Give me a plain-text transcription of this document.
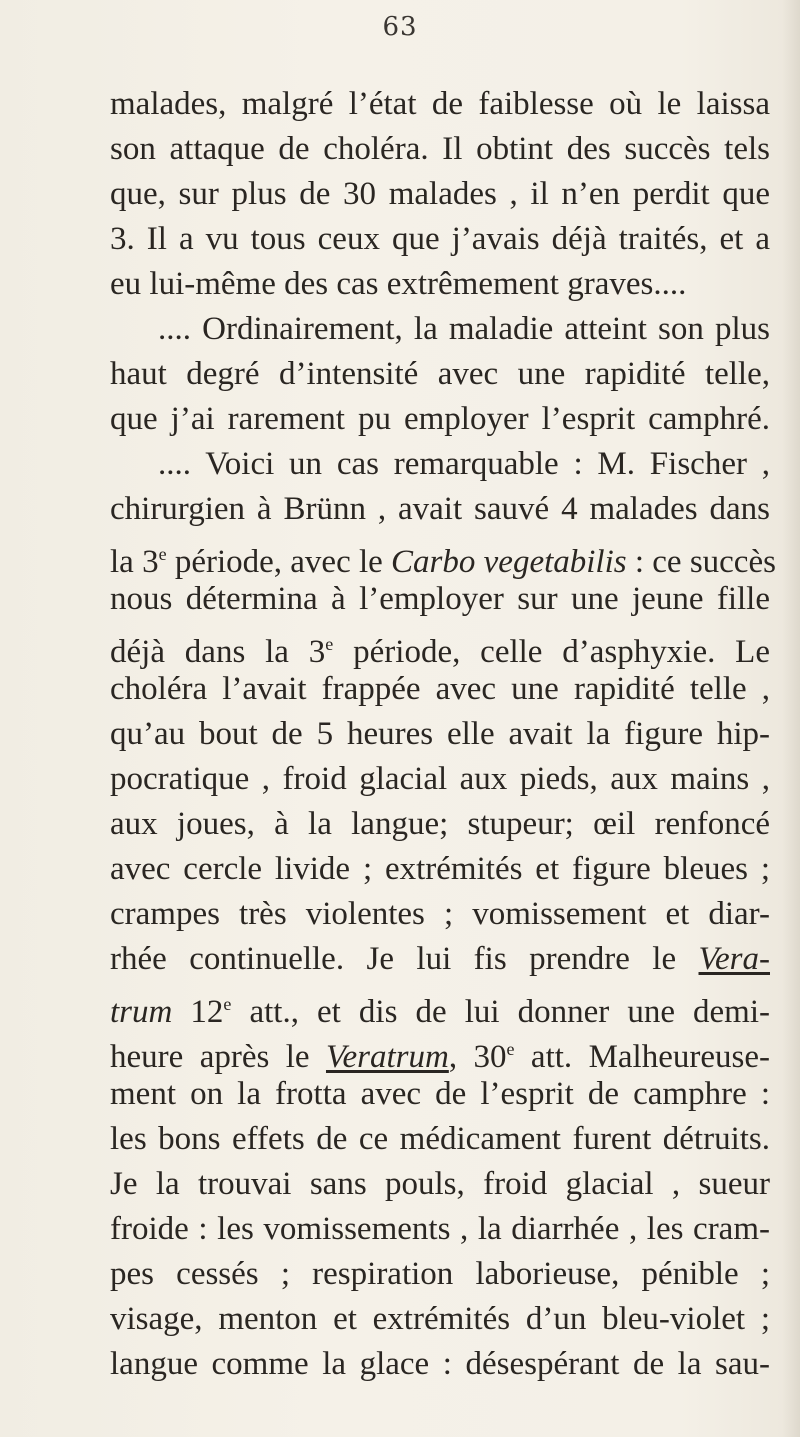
63
malades, malgré l’état de faiblesse où le laissa
son attaque de choléra. Il obtint des succès tels
que, sur plus de 30 malades , il n’en perdit que
3. Il a vu tous ceux que j’avais déjà traités, et a
eu lui-même des cas extrêmement graves....
.... Ordinairement, la maladie atteint son plus
haut degré d’intensité avec une rapidité telle,
que j’ai rarement pu employer l’esprit camphré.
.... Voici un cas remarquable : M. Fischer ,
chirurgien à Brünn , avait sauvé 4 malades dans
la 3e période, avec le Carbo vegetabilis : ce succès
nous détermina à l’employer sur une jeune fille
déjà dans la 3e période, celle d’asphyxie. Le
choléra l’avait frappée avec une rapidité telle ,
qu’au bout de 5 heures elle avait la figure hip-
pocratique , froid glacial aux pieds, aux mains ,
aux joues, à la langue; stupeur; œil renfoncé
avec cercle livide ; extrémités et figure bleues ;
crampes très violentes ; vomissement et diar-
rhée continuelle. Je lui fis prendre le Vera-
trum 12e att., et dis de lui donner une demi-
heure après le Veratrum, 30e att. Malheureuse-
ment on la frotta avec de l’esprit de camphre :
les bons effets de ce médicament furent détruits.
Je la trouvai sans pouls, froid glacial , sueur
froide : les vomissements , la diarrhée , les cram-
pes cessés ; respiration laborieuse, pénible ;
visage, menton et extrémités d’un bleu-violet ;
langue comme la glace : désespérant de la sau-
